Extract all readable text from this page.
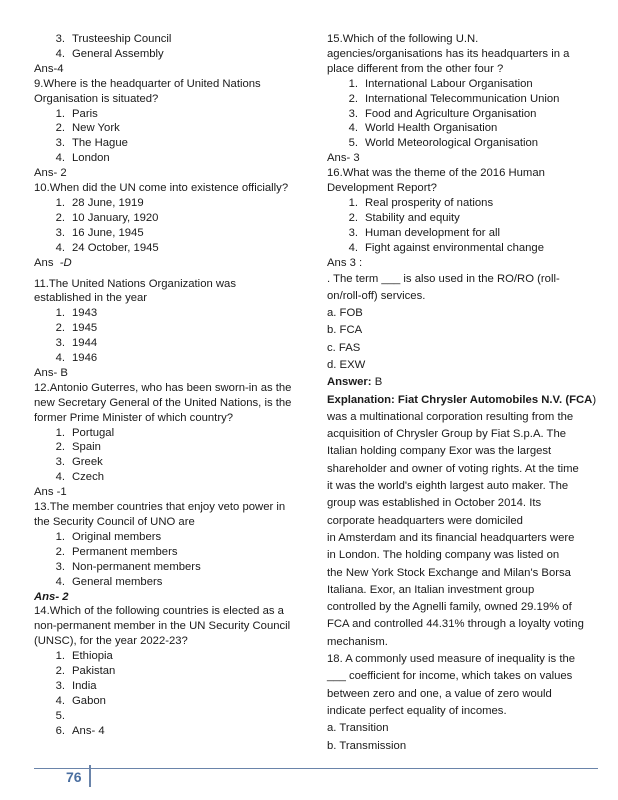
3. Trusteeship Council
4. General Assembly
Ans-4
9.Where is the headquarter of United Nations
Organisation is situated?
1. Paris
2. New York
3. The Hague
4. London
Ans- 2
10.When did the UN come into existence officially?
1. 28 June, 1919
2. 10 January, 1920
3. 16 June, 1945
4. 24 October, 1945
Ans -D
11.The United Nations Organization was
established in the year
1. 1943
2. 1945
3. 1944
4. 1946
Ans- B
12.Antonio Guterres, who has been sworn-in as the
new Secretary General of the United Nations, is the
former Prime Minister of which country?
1. Portugal
2. Spain
3. Greek
4. Czech
Ans -1
13.The member countries that enjoy veto power in
the Security Council of UNO are
1. Original members
2. Permanent members
3. Non-permanent members
4. General members
Ans- 2
14.Which of the following countries is elected as a
non-permanent member in the UN Security Council
(UNSC), for the year 2022-23?
1. Ethiopia
2. Pakistan
3. India
4. Gabon
5.
6. Ans- 4
15.Which of the following U.N.
agencies/organisations has its headquarters in a
place different from the other four ?
1. International Labour Organisation
2. International Telecommunication Union
3. Food and Agriculture Organisation
4. World Health Organisation
5. World Meteorological Organisation
Ans- 3
16.What was the theme of the 2016 Human
Development Report?
1. Real prosperity of nations
2. Stability and equity
3. Human development for all
4. Fight against environmental change
Ans 3 :
. The term ___ is also used in the RO/RO (roll-
on/roll-off) services.
a. FOB
b. FCA
c. FAS
d. EXW
Answer: B
Explanation: Fiat Chrysler Automobiles N.V. (FCA)
was a multinational corporation resulting from the
acquisition of Chrysler Group by Fiat S.p.A. The
Italian holding company Exor was the largest
shareholder and owner of voting rights. At the time
it was the world's eighth largest auto maker. The
group was established in October 2014. Its
corporate headquarters were domiciled
in Amsterdam and its financial headquarters were
in London. The holding company was listed on
the New York Stock Exchange and Milan's Borsa
Italiana. Exor, an Italian investment group
controlled by the Agnelli family, owned 29.19% of
FCA and controlled 44.31% through a loyalty voting
mechanism.
18. A commonly used measure of inequality is the
___ coefficient for income, which takes on values
between zero and one, a value of zero would
indicate perfect equality of incomes.
a. Transition
b. Transmission
76
